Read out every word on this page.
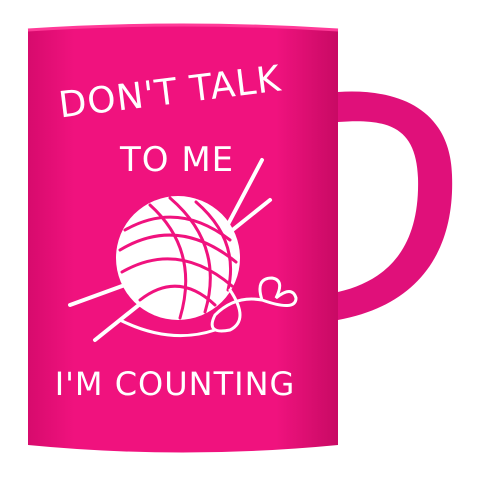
DON'T TALK
TO ME
I'M COUNTING
